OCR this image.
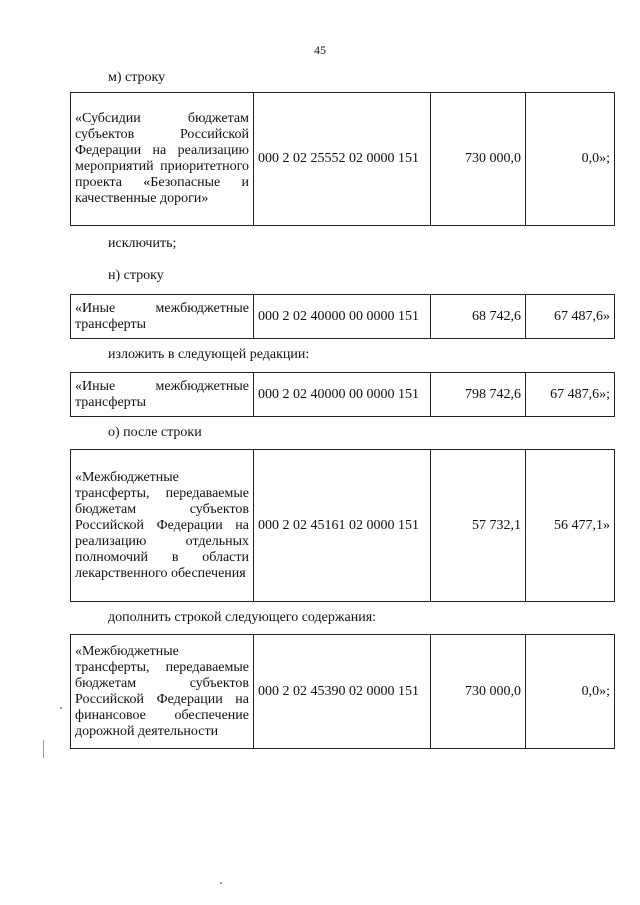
45
м) строку
«Субсидии бюджетам субъектов Российской Федерации на реализацию мероприятий приоритетного проекта «Безопасные и качественные дороги»	000 2 02 25552 02 0000 151	730 000,0	0,0»;
исключить;
н) строку
«Иные межбюджетные трансферты	000 2 02 40000 00 0000 151	68 742,6	67 487,6»
изложить в следующей редакции:
«Иные межбюджетные трансферты	000 2 02 40000 00 0000 151	798 742,6	67 487,6»;
о) после строки
«Межбюджетные трансферты, передаваемые бюджетам субъектов Российской Федерации на реализацию отдельных полномочий в области лекарственного обеспечения	000 2 02 45161 02 0000 151	57 732,1	56 477,1»
дополнить строкой следующего содержания:
«Межбюджетные трансферты, передаваемые бюджетам субъектов Российской Федерации на финансовое обеспечение дорожной деятельности	000 2 02 45390 02 0000 151	730 000,0	0,0»;
